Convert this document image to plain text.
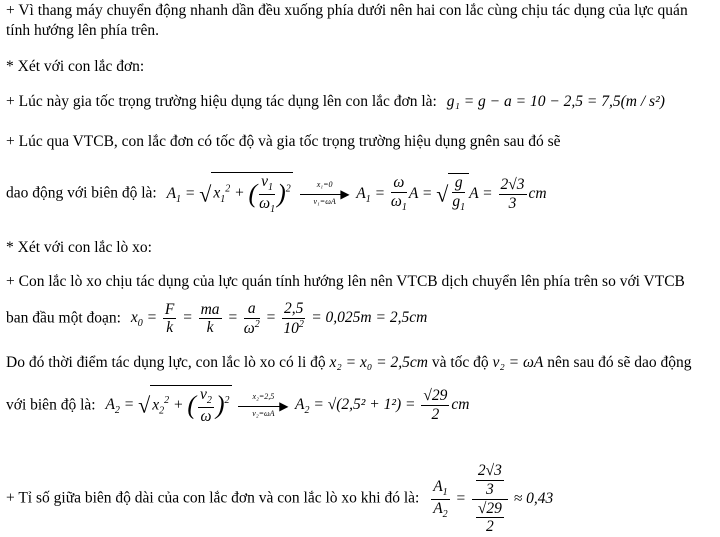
+ Vì thang máy chuyển động nhanh dần đều xuống phía dưới nên hai con lắc cùng chịu tác dụng của lực quán
tính hướng lên phía trên.
* Xét với con lắc đơn:
+ Lúc này gia tốc trọng trường hiệu dụng tác dụng lên con lắc đơn là: g₁ = g − a = 10 − 2,5 = 7,5(m / s²)
+ Lúc qua VTCB, con lắc đơn có tốc độ và gia tốc trọng trường hiệu dụng gnên sau đó sẽ
dao động với biên độ là: $A_1$ = √ $x_1^2$ + ( $\frac{v_1}{\omega_1} )^2$	x₁=0
▶
v₁=ωA	$A_1 = \frac{\omega}{\omega_1}$ A = √ $\frac{g}{g_1}$ $A = \frac{2√3}{3}$ cm
* Xét với con lắc lò xo:
+ Con lắc lò xo chịu tác dụng của lực quán tính hướng lên nên VTCB dịch chuyển lên phía trên so với VTCB
ban đầu một đoạn: $x_0 = \frac{F}{k} = \frac{ma}{k} = \frac{a}{\omega^2} = \frac{2,5}{10^2} = 0,025m = 2,5cm$
Do đó thời điểm tác dụng lực, con lắc lò xo có li độ x₂ = x₀ = 2,5cm và tốc độ v₂ = ωA nên sau đó sẽ dao động
với biên độ là: $A_2$ = √ $x_2^2$ + ( $\frac{v_2}{\omega} )^2$	x₂=2,5
▶
v₂=ωA	$A_2 = √(2,5^2 + 1^2) = \frac{√29}{2}$ cm
+ Tỉ số giữa biên độ dài của con lắc đơn và con lắc lò xo khi đó là: $\frac{A_1}{A_2} = \frac{\frac{2√3}{3}}{\frac{√29}{2}} \approx 0,43$
